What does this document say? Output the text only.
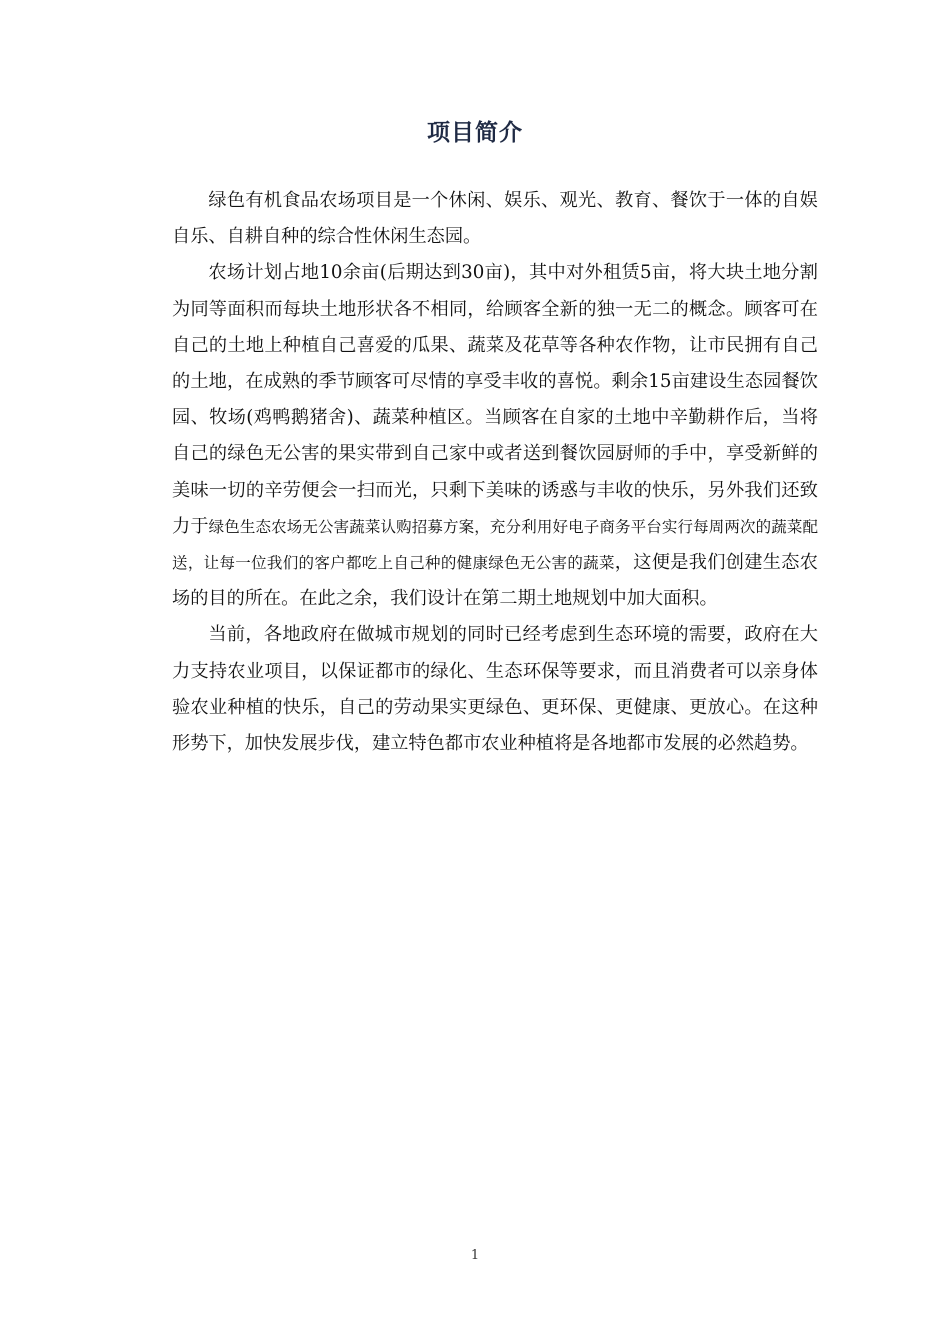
项目简介

绿色有机食品农场项目是一个休闲、娱乐、观光、教育、餐饮于一体的自娱自乐、自耕自种的综合性休闲生态园。

农场计划占地10余亩(后期达到30亩)，其中对外租赁5亩，将大块土地分割为同等面积而每块土地形状各不相同，给顾客全新的独一无二的概念。顾客可在自己的土地上种植自己喜爱的瓜果、蔬菜及花草等各种农作物，让市民拥有自己的土地，在成熟的季节顾客可尽情的享受丰收的喜悦。剩余15亩建设生态园餐饮园、牧场(鸡鸭鹅猪舍)、蔬菜种植区。当顾客在自家的土地中辛勤耕作后，当将自己的绿色无公害的果实带到自己家中或者送到餐饮园厨师的手中，享受新鲜的美味一切的辛劳便会一扫而光，只剩下美味的诱惑与丰收的快乐，另外我们还致力于绿色生态农场无公害蔬菜认购招募方案，充分利用好电子商务平台实行每周两次的蔬菜配送，让每一位我们的客户都吃上自己种的健康绿色无公害的蔬菜，这便是我们创建生态农场的目的所在。在此之余，我们设计在第二期土地规划中加大面积。

当前，各地政府在做城市规划的同时已经考虑到生态环境的需要，政府在大力支持农业项目，以保证都市的绿化、生态环保等要求，而且消费者可以亲身体验农业种植的快乐，自己的劳动果实更绿色、更环保、更健康、更放心。在这种形势下，加快发展步伐，建立特色都市农业种植将是各地都市发展的必然趋势。

1
